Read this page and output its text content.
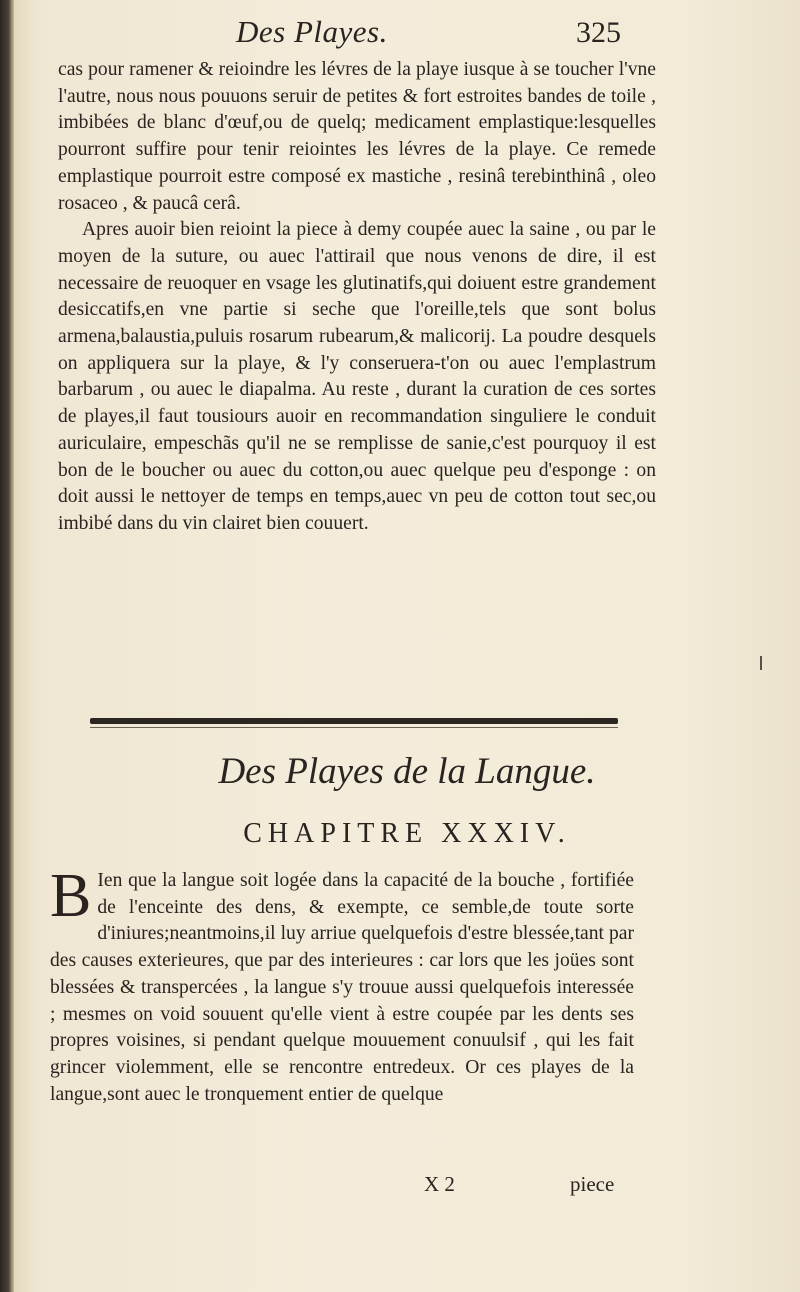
Des Playes.	325

cas pour ramener & reioindre les lévres de la playe iusque à se toucher l'vne l'autre, nous nous pouuons seruir de petites & fort estroites bandes de toile , imbibées de blanc d'œuf,ou de quelq; medicament emplastique:lesquelles pourront suffire pour tenir reiointes les lévres de la playe. Ce remede emplastique pourroit estre composé ex mastiche , resinâ terebinthinâ , oleo rosaceo , & paucâ cerâ.

Apres auoir bien reioint la piece à demy coupée auec la saine , ou par le moyen de la suture, ou auec l'attirail que nous venons de dire, il est necessaire de reuoquer en vsage les glutinatifs,qui doiuent estre grandement desiccatifs,en vne partie si seche que l'oreille,tels que sont bolus armena,balaustia,puluis rosarum rubearum,& malicorij. La poudre desquels on appliquera sur la playe, & l'y conseruera-t'on ou auec l'emplastrum barbarum , ou auec le diapalma. Au reste , durant la curation de ces sortes de playes,il faut tousiours auoir en recommandation singuliere le conduit auriculaire, empeschãs qu'il ne se remplisse de sanie,c'est pourquoy il est bon de le boucher ou auec du cotton,ou auec quelque peu d'esponge : on doit aussi le nettoyer de temps en temps,auec vn peu de cotton tout sec,ou imbibé dans du vin clairet bien couuert.

Des Playes de la Langue.
CHAPITRE XXXIV.
B Ien que la langue soit logée dans la capacité de la bouche , fortifiée de l'enceinte des dens, & exempte, ce semble,de toute sorte d'iniures;neantmoins,il luy arriue quelquefois d'estre blessée,tant par des causes exterieures, que par des interieures : car lors que les joües sont blessées & transpercées , la langue s'y trouue aussi quelquefois interessée ; mesmes on void souuent qu'elle vient à estre coupée par les dents ses propres voisines, si pendant quelque mouuement conuulsif , qui les fait grincer violemment, elle se rencontre entredeux. Or ces playes de la langue,sont auec le tronquement entier de quelque
X 2	piece
